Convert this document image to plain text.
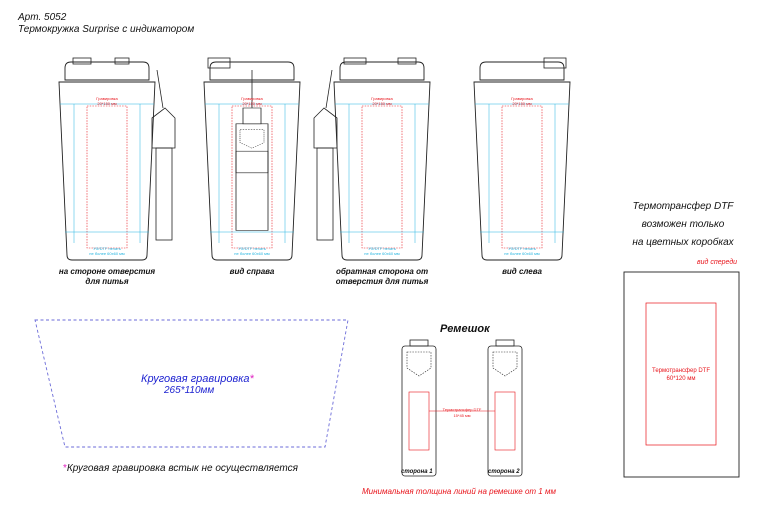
Арт. 5052
Термокружка Surprise с индикатором
Гравировка
20*150 мм
УФ/DTF печать
не более 60х60 мм
Гравировка
20*150 мм
УФ/DTF печать
не более 60х60 мм
Гравировка
20*150 мм
УФ/DTF печать
не более 60х60 мм
Гравировка
20*150 мм
УФ/DTF печать
не более 60х60 мм
на стороне отверстия
для питья
вид справа	обратная сторона от
отверстия для питья
вид слева
Круговая гравировка*
265*110мм
*Круговая гравировка встык не осуществляется
Ремешок
Термотрансфер DTF
15*45 мм
сторона 1	сторона 2
Минимальная толщина линий на ремешке от 1 мм
Термотрансфер DTF
возможен только
на цветных коробках
вид спереди
Термотрансфер DTF
60*120 мм
